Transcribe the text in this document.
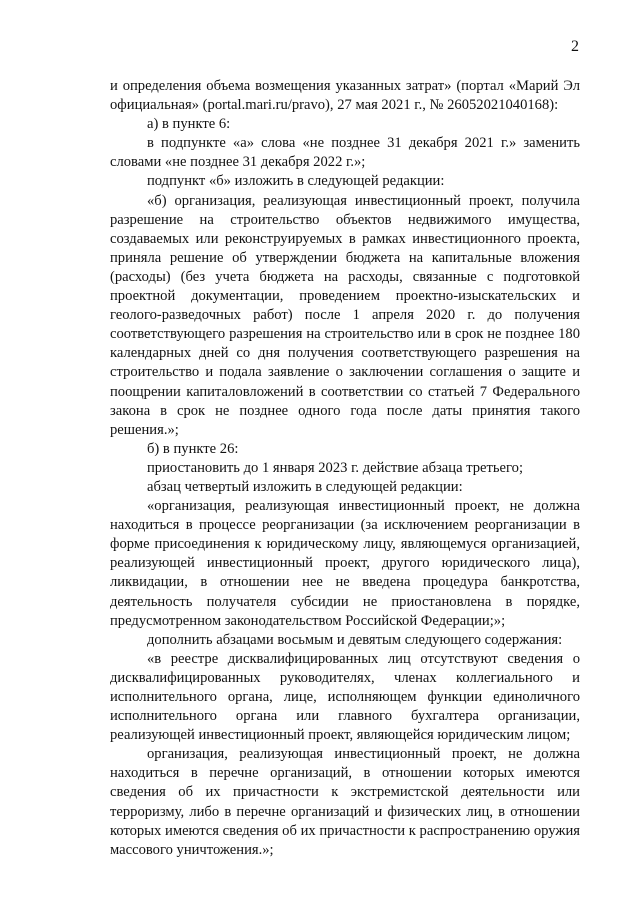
2

и определения объема возмещения указанных затрат» (портал «Марий Эл официальная» (portal.mari.ru/pravo), 27 мая 2021 г., № 26052021040168):

а) в пункте 6:

в подпункте «а» слова «не позднее 31 декабря 2021 г.» заменить словами «не позднее 31 декабря 2022 г.»;

подпункт «б» изложить в следующей редакции:

«б) организация, реализующая инвестиционный проект, получила разрешение на строительство объектов недвижимого имущества, создаваемых или реконструируемых в рамках инвестиционного проекта, приняла решение об утверждении бюджета на капитальные вложения (расходы) (без учета бюджета на расходы, связанные с подготовкой проектной документации, проведением проектно-изыскательских и геолого-разведочных работ) после 1 апреля 2020 г. до получения соответствующего разрешения на строительство или в срок не позднее 180 календарных дней со дня получения соответствующего разрешения на строительство и подала заявление о заключении соглашения о защите и поощрении капиталовложений в соответствии со статьей 7 Федерального закона в срок не позднее одного года после даты принятия такого решения.»;

б) в пункте 26:

приостановить до 1 января 2023 г. действие абзаца третьего;

абзац четвертый изложить в следующей редакции:

«организация, реализующая инвестиционный проект, не должна находиться в процессе реорганизации (за исключением реорганизации в форме присоединения к юридическому лицу, являющемуся организацией, реализующей инвестиционный проект, другого юридического лица), ликвидации, в отношении нее не введена процедура банкротства, деятельность получателя субсидии не приостановлена в порядке, предусмотренном законодательством Российской Федерации;»;

дополнить абзацами восьмым и девятым следующего содержания:

«в реестре дисквалифицированных лиц отсутствуют сведения о дисквалифицированных руководителях, членах коллегиального и исполнительного органа, лице, исполняющем функции единоличного исполнительного органа или главного бухгалтера организации, реализующей инвестиционный проект, являющейся юридическим лицом;

организация, реализующая инвестиционный проект, не должна находиться в перечне организаций, в отношении которых имеются сведения об их причастности к экстремистской деятельности или терроризму, либо в перечне организаций и физических лиц, в отношении которых имеются сведения об их причастности к распространению оружия массового уничтожения.»;
